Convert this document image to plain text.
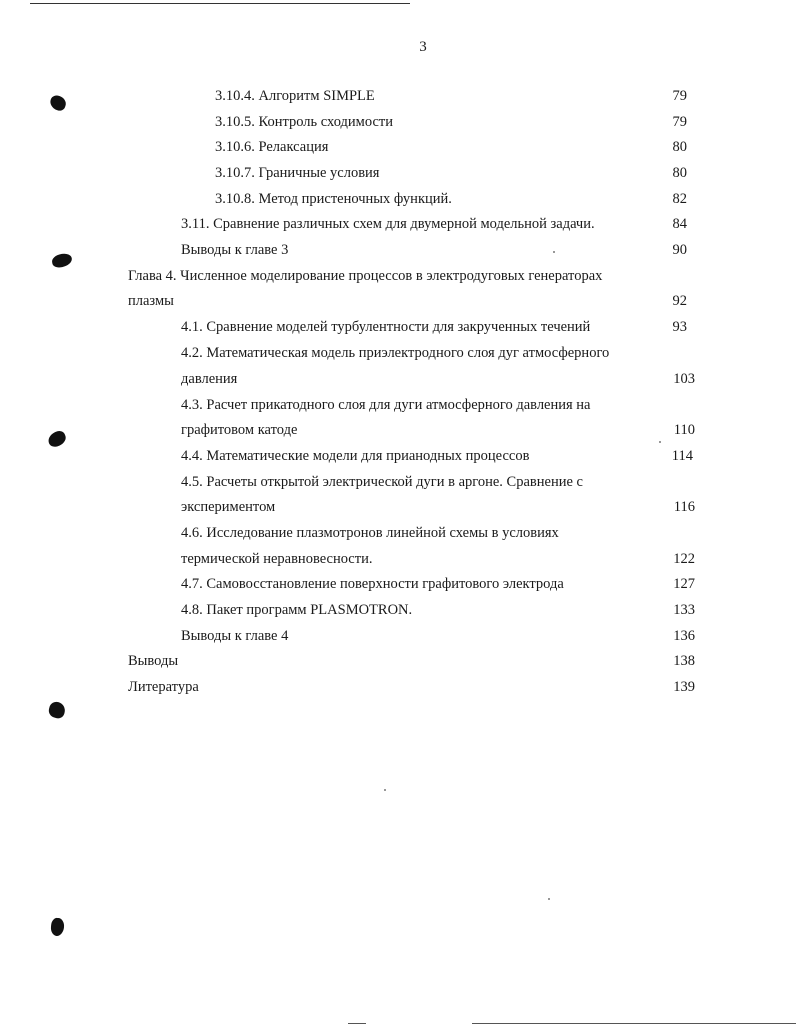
3
3.10.4. Алгоритм SIMPLE	79
3.10.5. Контроль сходимости	79
3.10.6. Релаксация	80
3.10.7. Граничные условия	80
3.10.8. Метод пристеночных функций.	82
3.11. Сравнение различных схем для двумерной модельной задачи.	84
Выводы к главе 3	90
Глава 4. Численное моделирование процессов в электродуговых генераторах
плазмы	92
4.1. Сравнение моделей турбулентности для закрученных течений	93
4.2. Математическая модель приэлектродного слоя дуг атмосферного
давления	103
4.3. Расчет прикатодного слоя для дуги атмосферного давления на
графитовом катоде	110
4.4. Математические модели для прианодных процессов	114
4.5. Расчеты открытой электрической дуги в аргоне. Сравнение с
экспериментом	116
4.6. Исследование плазмотронов линейной схемы в условиях
термической неравновесности.	122
4.7. Самовосстановление поверхности графитового электрода	127
4.8. Пакет программ PLASMOTRON.	133
Выводы к главе 4	136
Выводы	138
Литература	139
